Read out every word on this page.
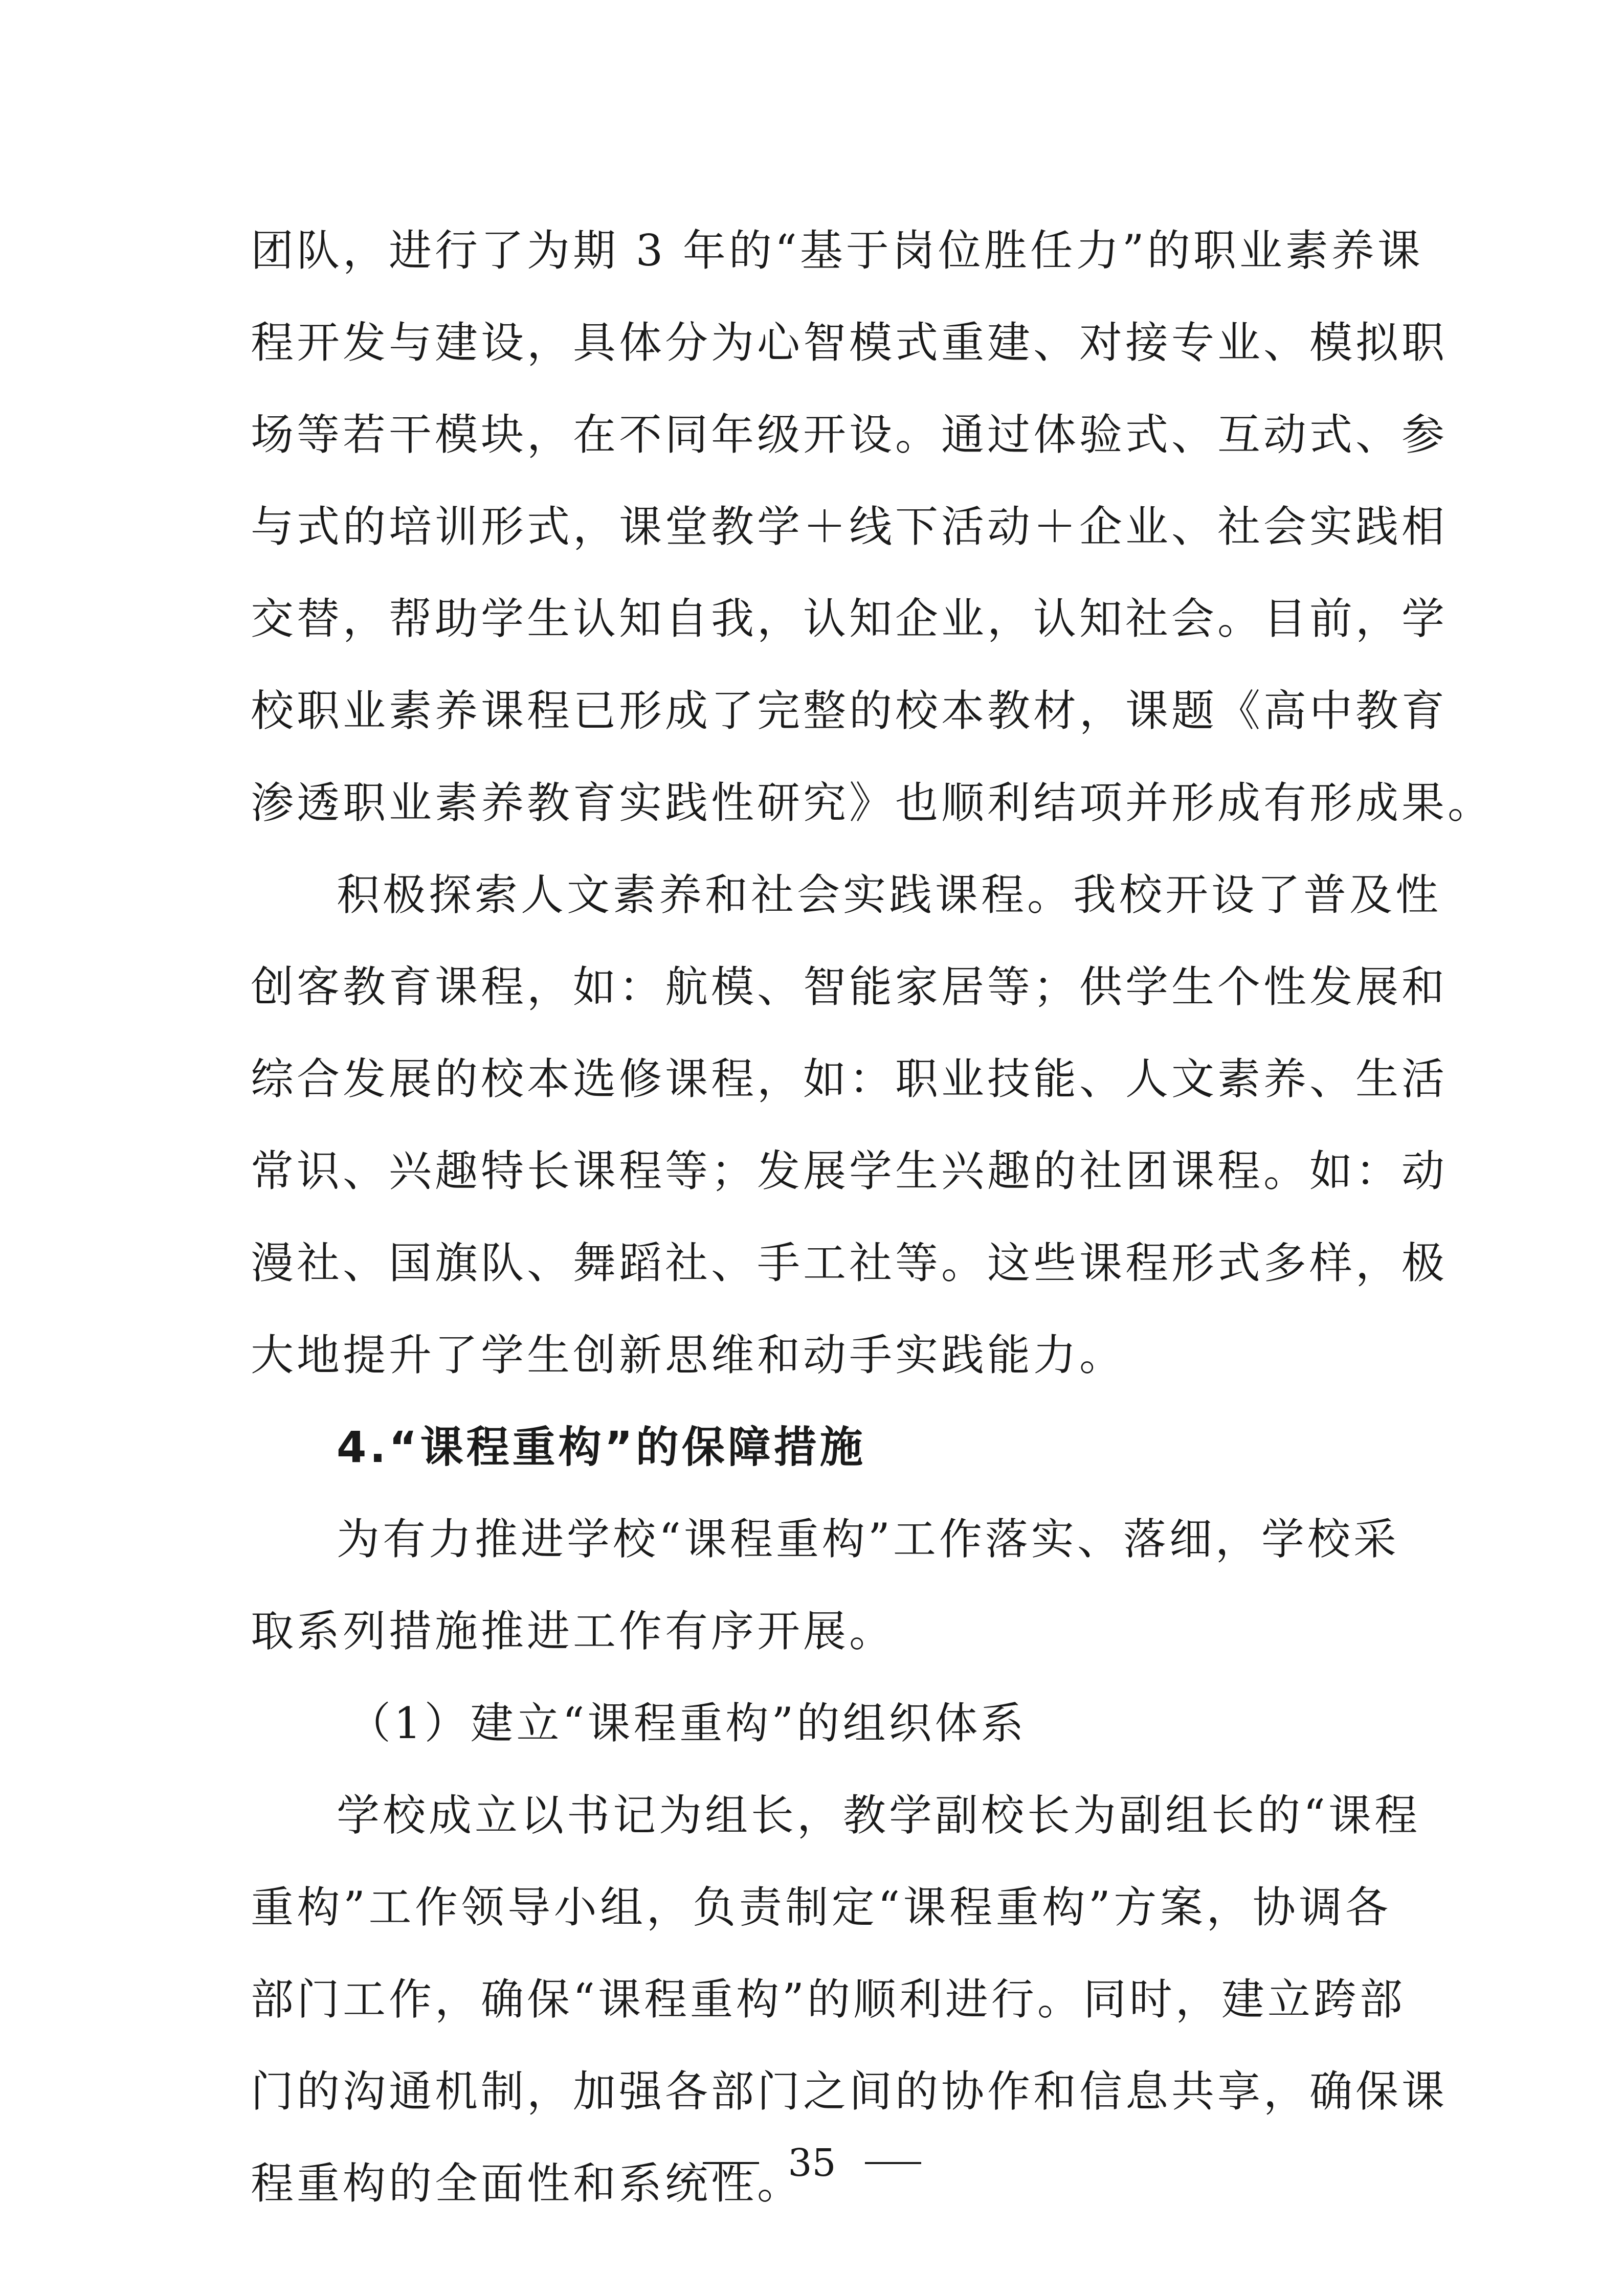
团队，进行了为期 3 年的“基于岗位胜任力”的职业素养课
程开发与建设，具体分为心智模式重建、对接专业、模拟职
场等若干模块，在不同年级开设。通过体验式、互动式、参
与式的培训形式，课堂教学＋线下活动＋企业、社会实践相
交替，帮助学生认知自我，认知企业，认知社会。目前，学
校职业素养课程已形成了完整的校本教材，课题《高中教育
渗透职业素养教育实践性研究》也顺利结项并形成有形成果。
积极探索人文素养和社会实践课程。我校开设了普及性
创客教育课程，如：航模、智能家居等；供学生个性发展和
综合发展的校本选修课程，如：职业技能、人文素养、生活
常识、兴趣特长课程等；发展学生兴趣的社团课程。如：动
漫社、国旗队、舞蹈社、手工社等。这些课程形式多样，极
大地提升了学生创新思维和动手实践能力。
4.“课程重构”的保障措施
为有力推进学校“课程重构”工作落实、落细，学校采
取系列措施推进工作有序开展。
（1）建立“课程重构”的组织体系
学校成立以书记为组长，教学副校长为副组长的“课程
重构”工作领导小组，负责制定“课程重构”方案，协调各
部门工作，确保“课程重构”的顺利进行。同时，建立跨部
门的沟通机制，加强各部门之间的协作和信息共享，确保课
程重构的全面性和系统性。
35
